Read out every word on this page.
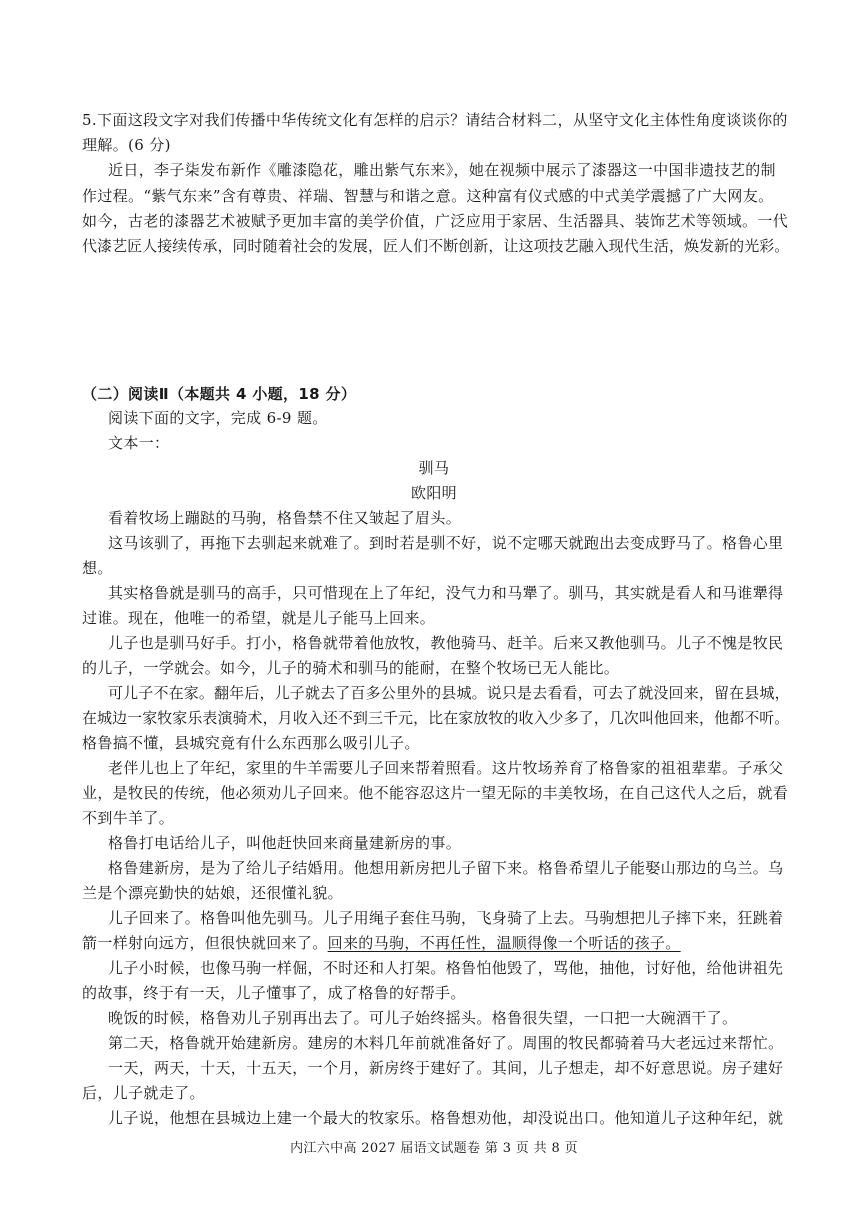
5.下面这段文字对我们传播中华传统文化有怎样的启示？请结合材料二，从坚守文化主体性角度谈谈你的
理解。(6 分)
近日，李子柒发布新作《雕漆隐花，雕出紫气东来》，她在视频中展示了漆器这一中国非遗技艺的制
作过程。“紫气东来”含有尊贵、祥瑞、智慧与和谐之意。这种富有仪式感的中式美学震撼了广大网友。
如今，古老的漆器艺术被赋予更加丰富的美学价值，广泛应用于家居、生活器具、装饰艺术等领域。一代
代漆艺匠人接续传承，同时随着社会的发展，匠人们不断创新，让这项技艺融入现代生活，焕发新的光彩。
（二）阅读Ⅱ（本题共 4 小题，18 分）
阅读下面的文字，完成 6-9 题。
文本一：
驯马
欧阳明
看着牧场上蹦跶的马驹，格鲁禁不住又皱起了眉头。
这马该驯了，再拖下去驯起来就难了。到时若是驯不好，说不定哪天就跑出去变成野马了。格鲁心里
想。
其实格鲁就是驯马的高手，只可惜现在上了年纪，没气力和马犟了。驯马，其实就是看人和马谁犟得
过谁。现在，他唯一的希望，就是儿子能马上回来。
儿子也是驯马好手。打小，格鲁就带着他放牧，教他骑马、赶羊。后来又教他驯马。儿子不愧是牧民
的儿子，一学就会。如今，儿子的骑术和驯马的能耐，在整个牧场已无人能比。
可儿子不在家。翻年后，儿子就去了百多公里外的县城。说只是去看看，可去了就没回来，留在县城，
在城边一家牧家乐表演骑术，月收入还不到三千元，比在家放牧的收入少多了，几次叫他回来，他都不听。
格鲁搞不懂，县城究竟有什么东西那么吸引儿子。
老伴儿也上了年纪，家里的牛羊需要儿子回来帮着照看。这片牧场养育了格鲁家的祖祖辈辈。子承父
业，是牧民的传统，他必须劝儿子回来。他不能容忍这片一望无际的丰美牧场，在自己这代人之后，就看
不到牛羊了。
格鲁打电话给儿子，叫他赶快回来商量建新房的事。
格鲁建新房，是为了给儿子结婚用。他想用新房把儿子留下来。格鲁希望儿子能娶山那边的乌兰。乌
兰是个漂亮勤快的姑娘，还很懂礼貌。
儿子回来了。格鲁叫他先驯马。儿子用绳子套住马驹，飞身骑了上去。马驹想把儿子摔下来，狂跳着
箭一样射向远方，但很快就回来了。回来的马驹，不再任性，温顺得像一个听话的孩子。
儿子小时候，也像马驹一样倔，不时还和人打架。格鲁怕他毁了，骂他，抽他，讨好他，给他讲祖先
的故事，终于有一天，儿子懂事了，成了格鲁的好帮手。
晚饭的时候，格鲁劝儿子别再出去了。可儿子始终摇头。格鲁很失望，一口把一大碗酒干了。
第二天，格鲁就开始建新房。建房的木料几年前就准备好了。周围的牧民都骑着马大老远过来帮忙。
一天，两天，十天，十五天，一个月，新房终于建好了。其间，儿子想走，却不好意思说。房子建好
后，儿子就走了。
儿子说，他想在县城边上建一个最大的牧家乐。格鲁想劝他，却没说出口。他知道儿子这种年纪，就
内江六中高 2027 届语文试题卷 第 3 页 共 8 页
